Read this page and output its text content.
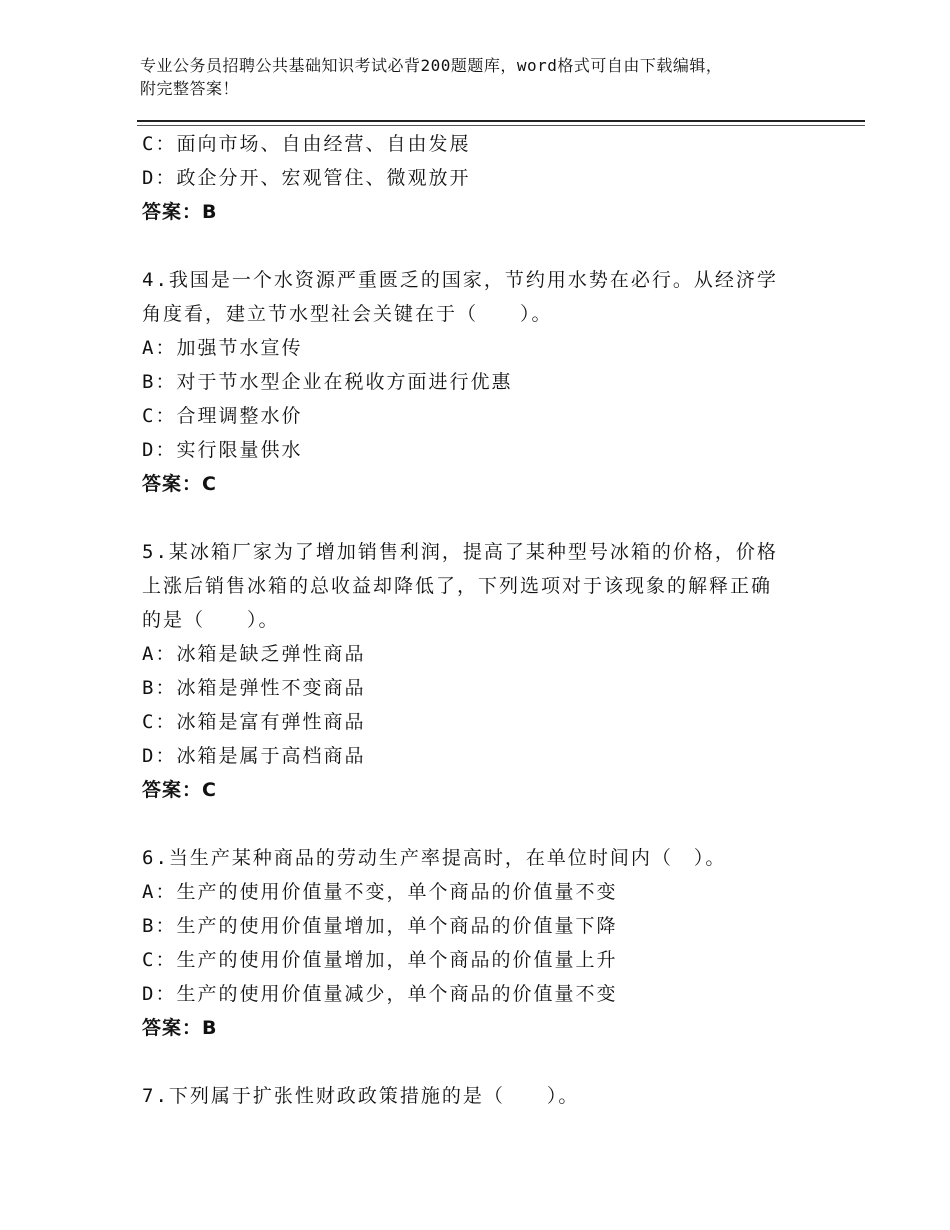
专业公务员招聘公共基础知识考试必背200题题库，word格式可自由下载编辑，
附完整答案！
C：面向市场、自由经营、自由发展
D：政企分开、宏观管住、微观放开
答案：B
4.我国是一个水资源严重匮乏的国家，节约用水势在必行。从经济学
角度看，建立节水型社会关键在于（　　）。
A：加强节水宣传
B：对于节水型企业在税收方面进行优惠
C：合理调整水价
D：实行限量供水
答案：C
5.某冰箱厂家为了增加销售利润，提高了某种型号冰箱的价格，价格
上涨后销售冰箱的总收益却降低了，下列选项对于该现象的解释正确
的是（　　）。
A：冰箱是缺乏弹性商品
B：冰箱是弹性不变商品
C：冰箱是富有弹性商品
D：冰箱是属于高档商品
答案：C
6.当生产某种商品的劳动生产率提高时，在单位时间内（　）。
A：生产的使用价值量不变，单个商品的价值量不变
B：生产的使用价值量增加，单个商品的价值量下降
C：生产的使用价值量增加，单个商品的价值量上升
D：生产的使用价值量减少，单个商品的价值量不变
答案：B
7.下列属于扩张性财政政策措施的是（　　）。
